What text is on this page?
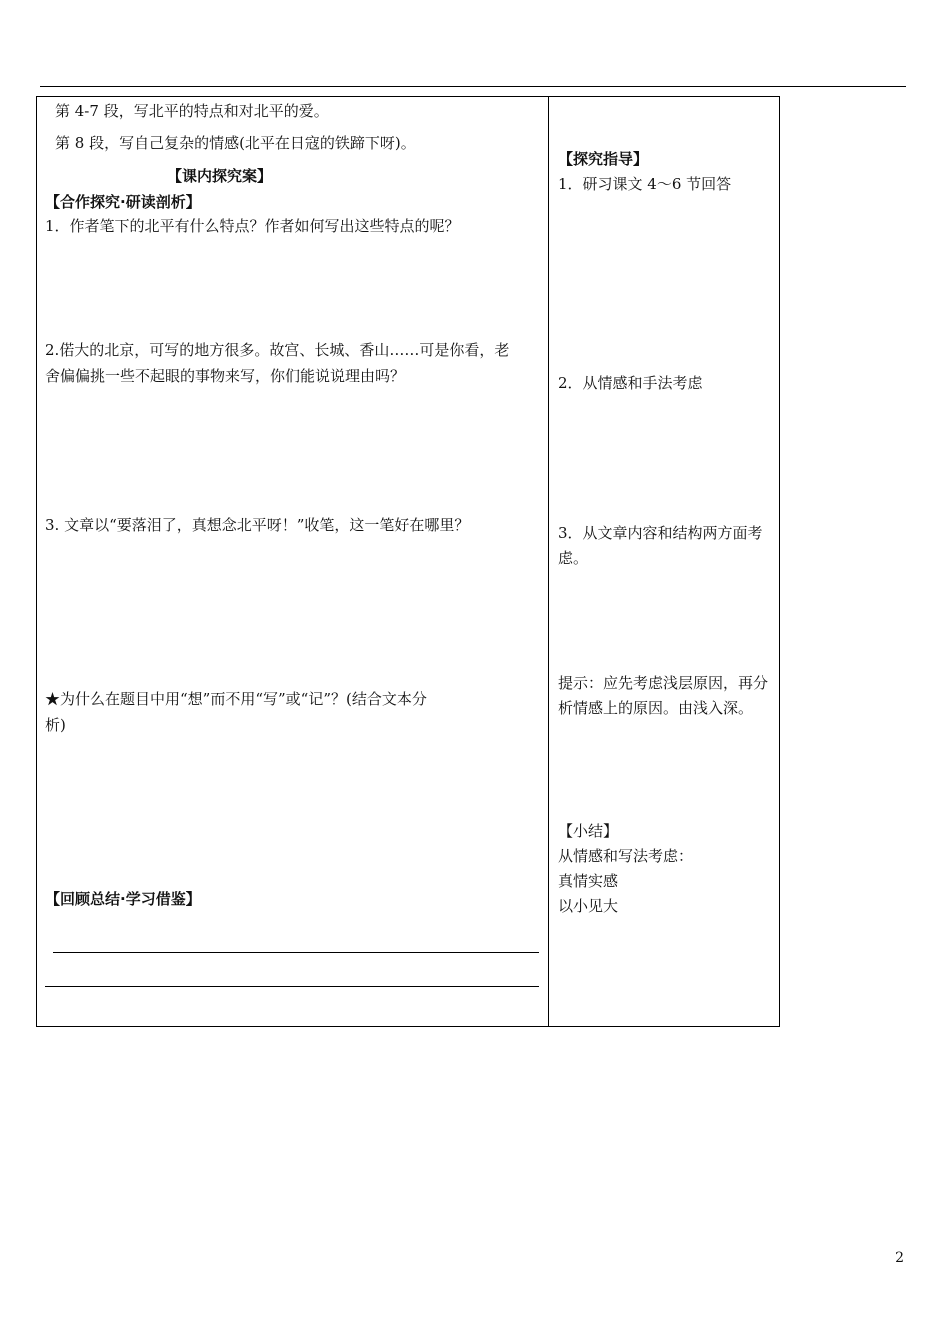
第 4-7 段，写北平的特点和对北平的爱。
第 8 段，写自己复杂的情感(北平在日寇的铁蹄下呀)。
【课内探究案】
【合作探究·研读剖析】
1．作者笔下的北平有什么特点？作者如何写出这些特点的呢？
2.偌大的北京，可写的地方很多。故宫、长城、香山……可是你看，老
舍偏偏挑一些不起眼的事物来写，你们能说说理由吗？
3. 文章以“要落泪了，真想念北平呀！”收笔，这一笔好在哪里？
★为什么在题目中用“想”而不用“写”或“记”？(结合文本分
析)
【回顾总结·学习借鉴】
【探究指导】
1．研习课文 4～6 节回答
2．从情感和手法考虑
3．从文章内容和结构两方面考虑。
提示：应先考虑浅层原因，再分析情感上的原因。由浅入深。
【小结】
从情感和写法考虑：
真情实感
以小见大
2
